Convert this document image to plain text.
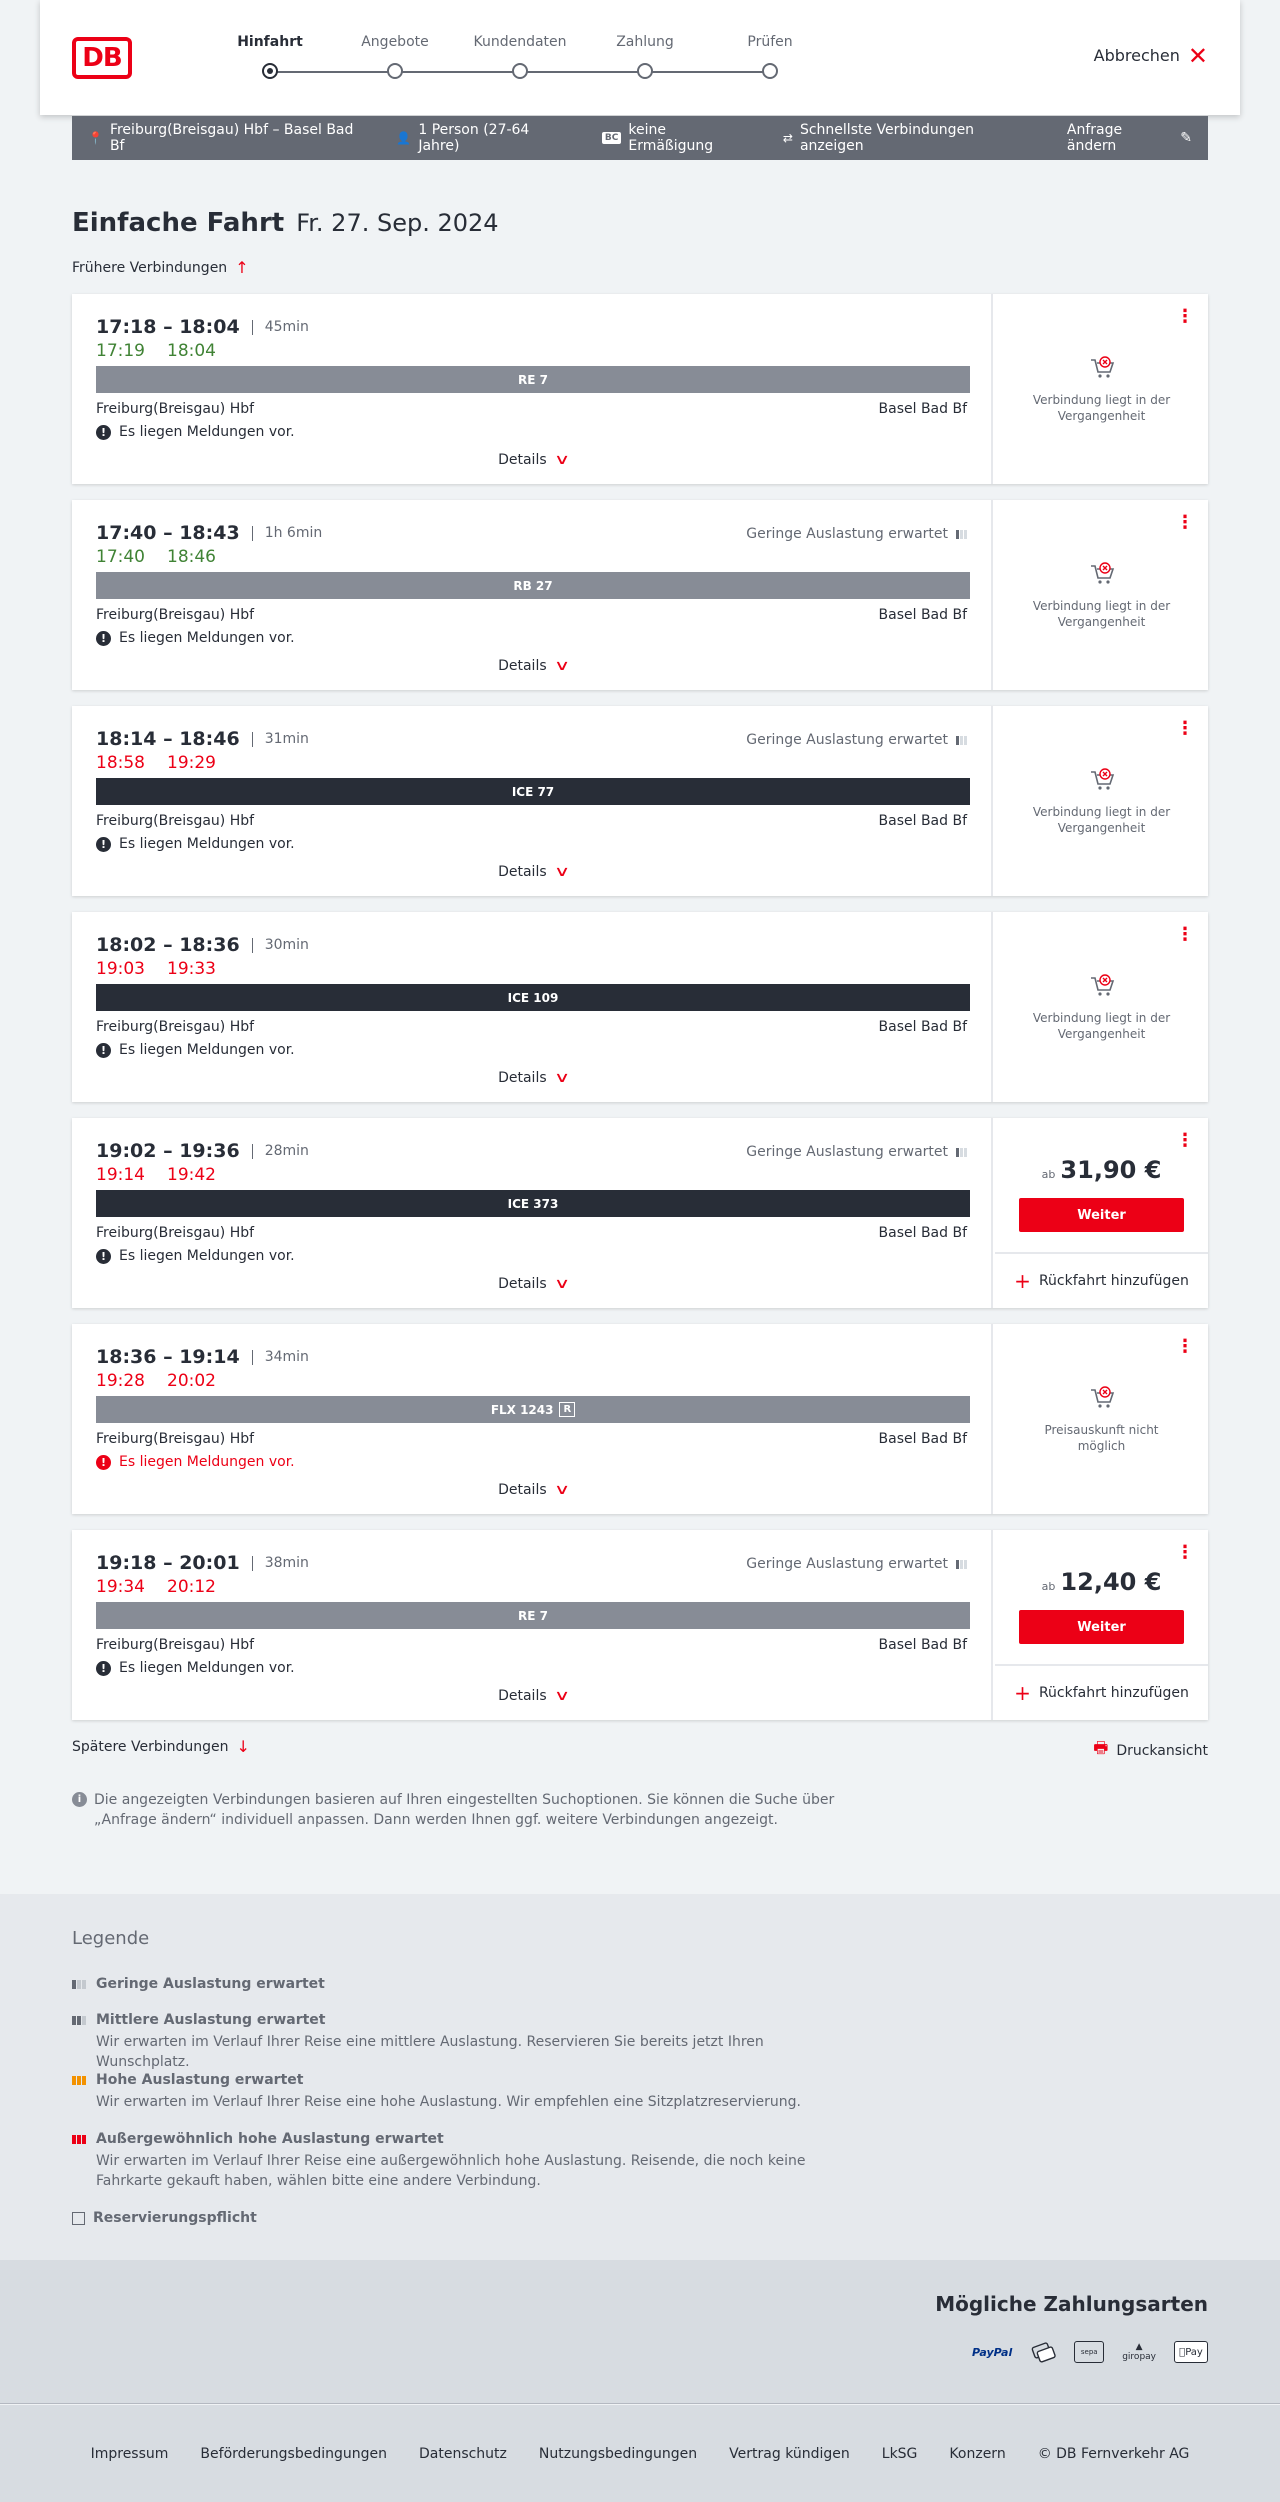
DB
Hinfahrt	Angebote	Kundendaten	Zahlung	Prüfen
Abbrechen ✕
📍 Freiburg(Breisgau) Hbf – Basel Bad Bf	👤 1 Person (27-64 Jahre)	BC keine Ermäßigung	⇄ Schnellste Verbindungen anzeigen
Anfrage ändern	✎
Einfache Fahrt Fr. 27. Sep. 2024
Frühere Verbindungen ↑
17:18 – 18:04 45min
17:19 18:04
RE 7
Freiburg(Breisgau) Hbf	Basel Bad Bf
! Es liegen Meldungen vor.
Details ∨
⋮
Verbindung liegt in der Vergangenheit
17:40 – 18:43 1h 6min
17:40 18:46
Geringe Auslastung erwartet
RB 27
Freiburg(Breisgau) Hbf	Basel Bad Bf
! Es liegen Meldungen vor.
Details ∨
⋮
Verbindung liegt in der Vergangenheit
18:14 – 18:46 31min
18:58 19:29
Geringe Auslastung erwartet
ICE 77
Freiburg(Breisgau) Hbf	Basel Bad Bf
! Es liegen Meldungen vor.
Details ∨
⋮
Verbindung liegt in der Vergangenheit
18:02 – 18:36 30min
19:03 19:33
ICE 109
Freiburg(Breisgau) Hbf	Basel Bad Bf
! Es liegen Meldungen vor.
Details ∨
⋮
Verbindung liegt in der Vergangenheit
19:02 – 19:36 28min
19:14 19:42
Geringe Auslastung erwartet
ICE 373
Freiburg(Breisgau) Hbf	Basel Bad Bf
! Es liegen Meldungen vor.
Details ∨
⋮
ab 31,90 €
Weiter
+ Rückfahrt hinzufügen
18:36 – 19:14 34min
19:28 20:02
FLX 1243	R
Freiburg(Breisgau) Hbf	Basel Bad Bf
! Es liegen Meldungen vor.
Details ∨
⋮
Preisauskunft nicht möglich
19:18 – 20:01 38min
19:34 20:12
Geringe Auslastung erwartet
RE 7
Freiburg(Breisgau) Hbf	Basel Bad Bf
! Es liegen Meldungen vor.
Details ∨
⋮
ab 12,40 €
Weiter
+ Rückfahrt hinzufügen
Spätere Verbindungen ↓	🖶 Druckansicht
i Die angezeigten Verbindungen basieren auf Ihren eingestellten Suchoptionen. Sie können die Suche über „Anfrage ändern“ individuell anpassen. Dann werden Ihnen ggf. weitere Verbindungen angezeigt.
Legende
Geringe Auslastung erwartet
Mittlere Auslastung erwartet
Wir erwarten im Verlauf Ihrer Reise eine mittlere Auslastung. Reservieren Sie bereits jetzt Ihren Wunschplatz.
Hohe Auslastung erwartet
Wir erwarten im Verlauf Ihrer Reise eine hohe Auslastung. Wir empfehlen eine Sitzplatzreservierung.
Außergewöhnlich hohe Auslastung erwartet
Wir erwarten im Verlauf Ihrer Reise eine außergewöhnlich hohe Auslastung. Reisende, die noch keine Fahrkarte gekauft haben, wählen bitte eine andere Verbindung.
Reservierungspflicht
Mögliche Zahlungsarten
PayPal	sepa	▲
giropay	Pay
Impressum Beförderungsbedingungen Datenschutz Nutzungsbedingungen Vertrag kündigen LkSG Konzern © DB Fernverkehr AG
